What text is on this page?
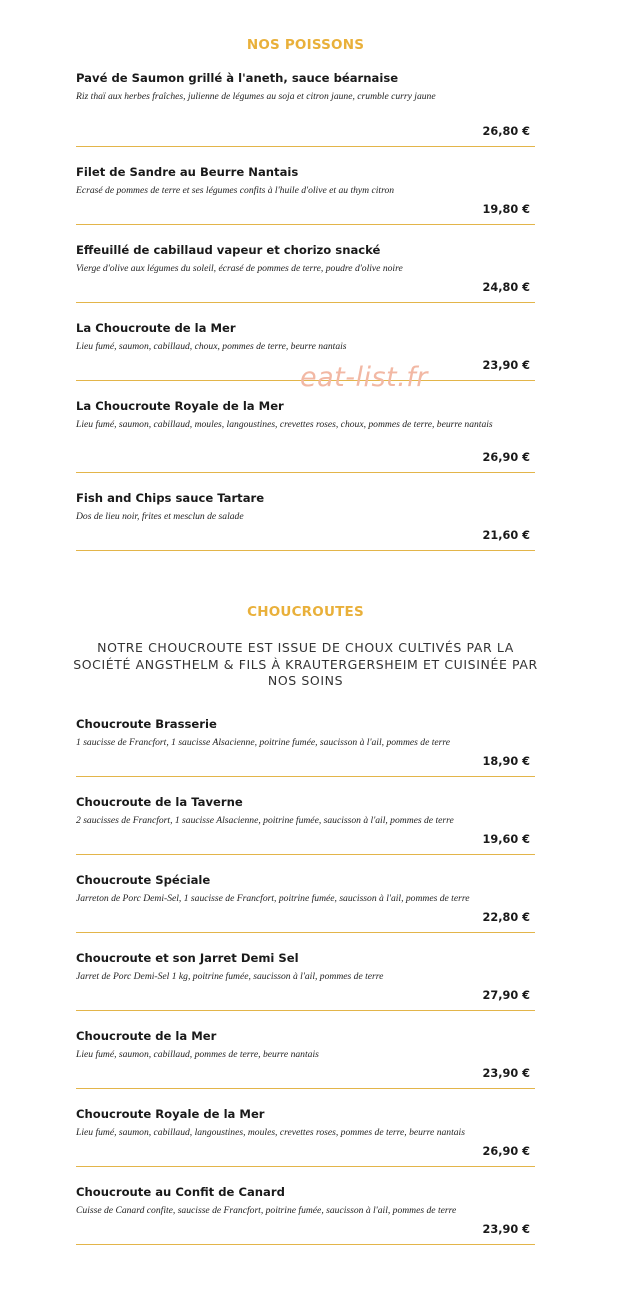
NOS POISSONS
Pavé de Saumon grillé à l'aneth, sauce béarnaise
Riz thaï aux herbes fraîches, julienne de légumes au soja et citron jaune, crumble curry jaune
26,80 €
Filet de Sandre au Beurre Nantais
Ecrasé de pommes de terre et ses légumes confits à l'huile d'olive et au thym citron
19,80 €
Effeuillé de cabillaud vapeur et chorizo snacké
Vierge d'olive aux légumes du soleil, écrasé de pommes de terre, poudre d'olive noire
24,80 €
La Choucroute de la Mer
Lieu fumé, saumon, cabillaud, choux, pommes de terre, beurre nantais
23,90 €
La Choucroute Royale de la Mer
Lieu fumé, saumon, cabillaud, moules, langoustines, crevettes roses, choux, pommes de terre, beurre nantais
26,90 €
Fish and Chips sauce Tartare
Dos de lieu noir, frites et mesclun de salade
21,60 €
CHOUCROUTES
NOTRE CHOUCROUTE EST ISSUE DE CHOUX CULTIVÉS PAR LA SOCIÉTÉ ANGSTHELM & FILS À KRAUTERGERSHEIM ET CUISINÉE PAR NOS SOINS
Choucroute Brasserie
1 saucisse de Francfort, 1 saucisse Alsacienne, poitrine fumée, saucisson à l'ail, pommes de terre
18,90 €
Choucroute de la Taverne
2 saucisses de Francfort, 1 saucisse Alsacienne, poitrine fumée, saucisson à l'ail, pommes de terre
19,60 €
Choucroute Spéciale
Jarreton de Porc Demi-Sel, 1 saucisse de Francfort, poitrine fumée, saucisson à l'ail, pommes de terre
22,80 €
Choucroute et son Jarret Demi Sel
Jarret de Porc Demi-Sel 1 kg, poitrine fumée, saucisson à l'ail, pommes de terre
27,90 €
Choucroute de la Mer
Lieu fumé, saumon, cabillaud, pommes de terre, beurre nantais
23,90 €
Choucroute Royale de la Mer
Lieu fumé, saumon, cabillaud, langoustines, moules, crevettes roses, pommes de terre, beurre nantais
26,90 €
Choucroute au Confit de Canard
Cuisse de Canard confite, saucisse de Francfort, poitrine fumée, saucisson à l'ail, pommes de terre
23,90 €
eat-list.fr
